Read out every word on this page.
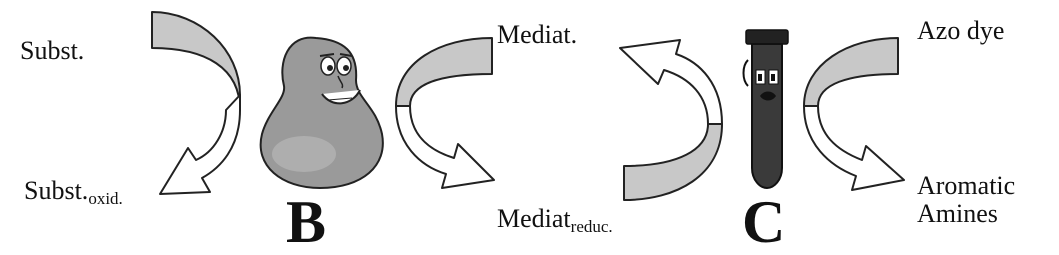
Subst.
$Subst._{oxid.}$	B
Mediat.
Mediat$_{reduc.}$ C
Azo dye
Aromatic
Amines
